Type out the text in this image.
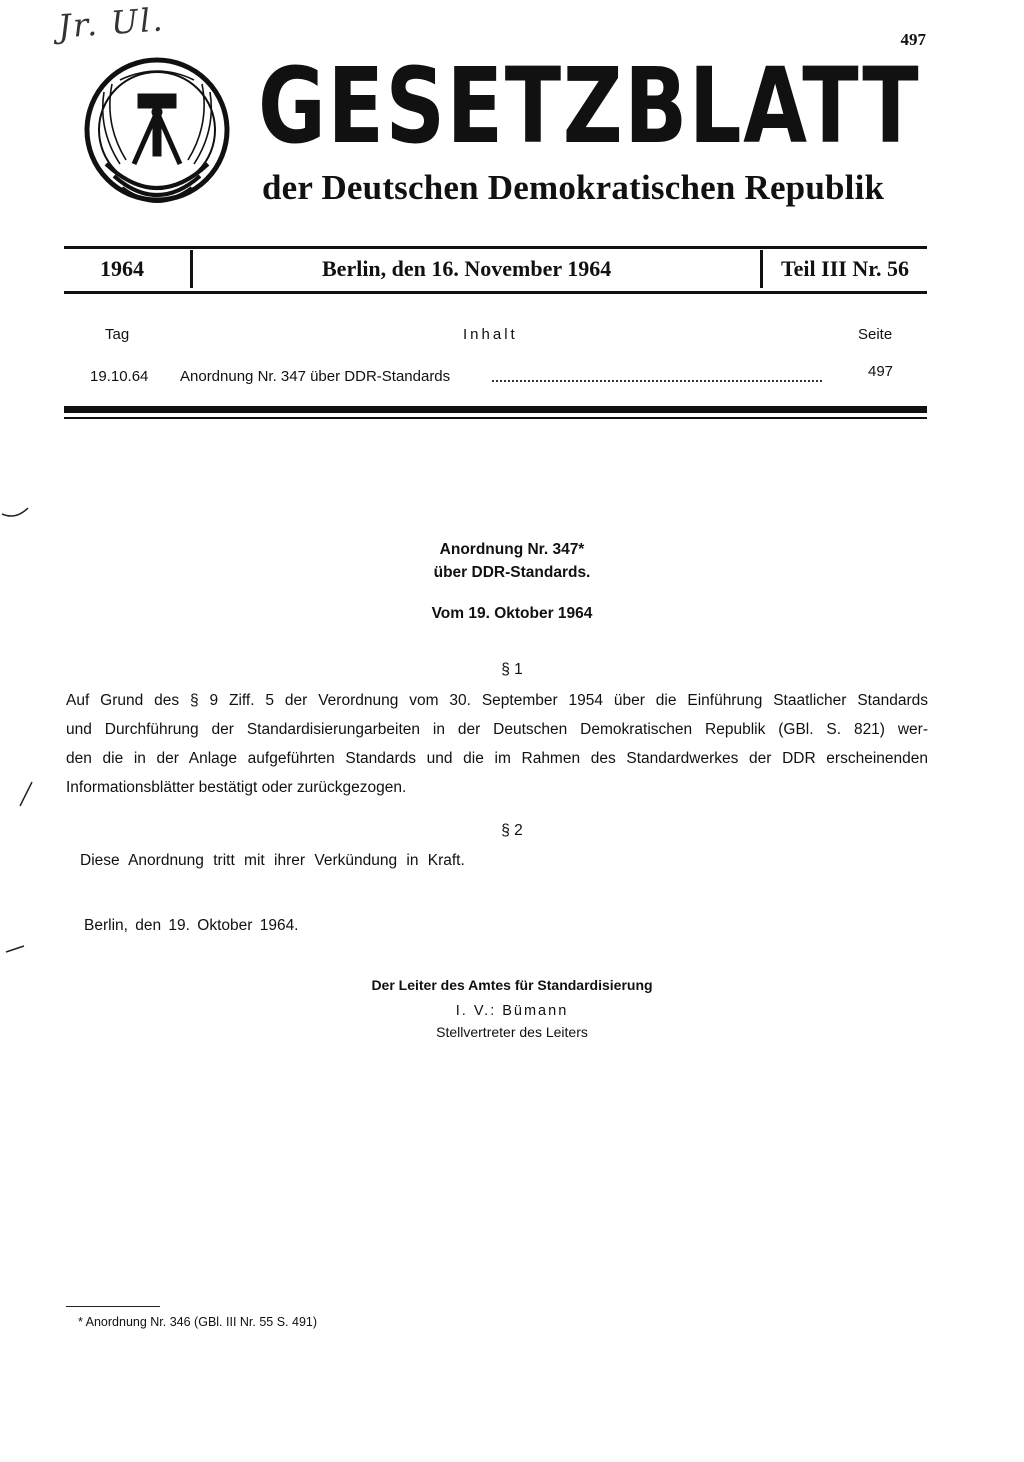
Jr. Ul.	497
GESETZBLATT
der Deutschen Demokratischen Republik
1964	Berlin, den 16. November 1964	Teil III Nr. 56
Tag	Inhalt	Seite
19.10.64 Anordnung Nr. 347 über DDR-Standards	497
Anordnung Nr. 347*
über DDR-Standards.
Vom 19. Oktober 1964
§ 1
Auf Grund des § 9 Ziff. 5 der Verordnung vom 30. September 1954 über die Einführung Staatlicher Standards
und Durchführung der Standardisierungarbeiten in der Deutschen Demokratischen Republik (GBl. S. 821) wer-
den die in der Anlage aufgeführten Standards und die im Rahmen des Standardwerkes der DDR erscheinenden
Informationsblätter bestätigt oder zurückgezogen.
§ 2
Diese Anordnung tritt mit ihrer Verkündung in Kraft.
Berlin, den 19. Oktober 1964.
Der Leiter des Amtes für Standardisierung
I. V.: Bümann
Stellvertreter des Leiters
* Anordnung Nr. 346 (GBl. III Nr. 55 S. 491)
